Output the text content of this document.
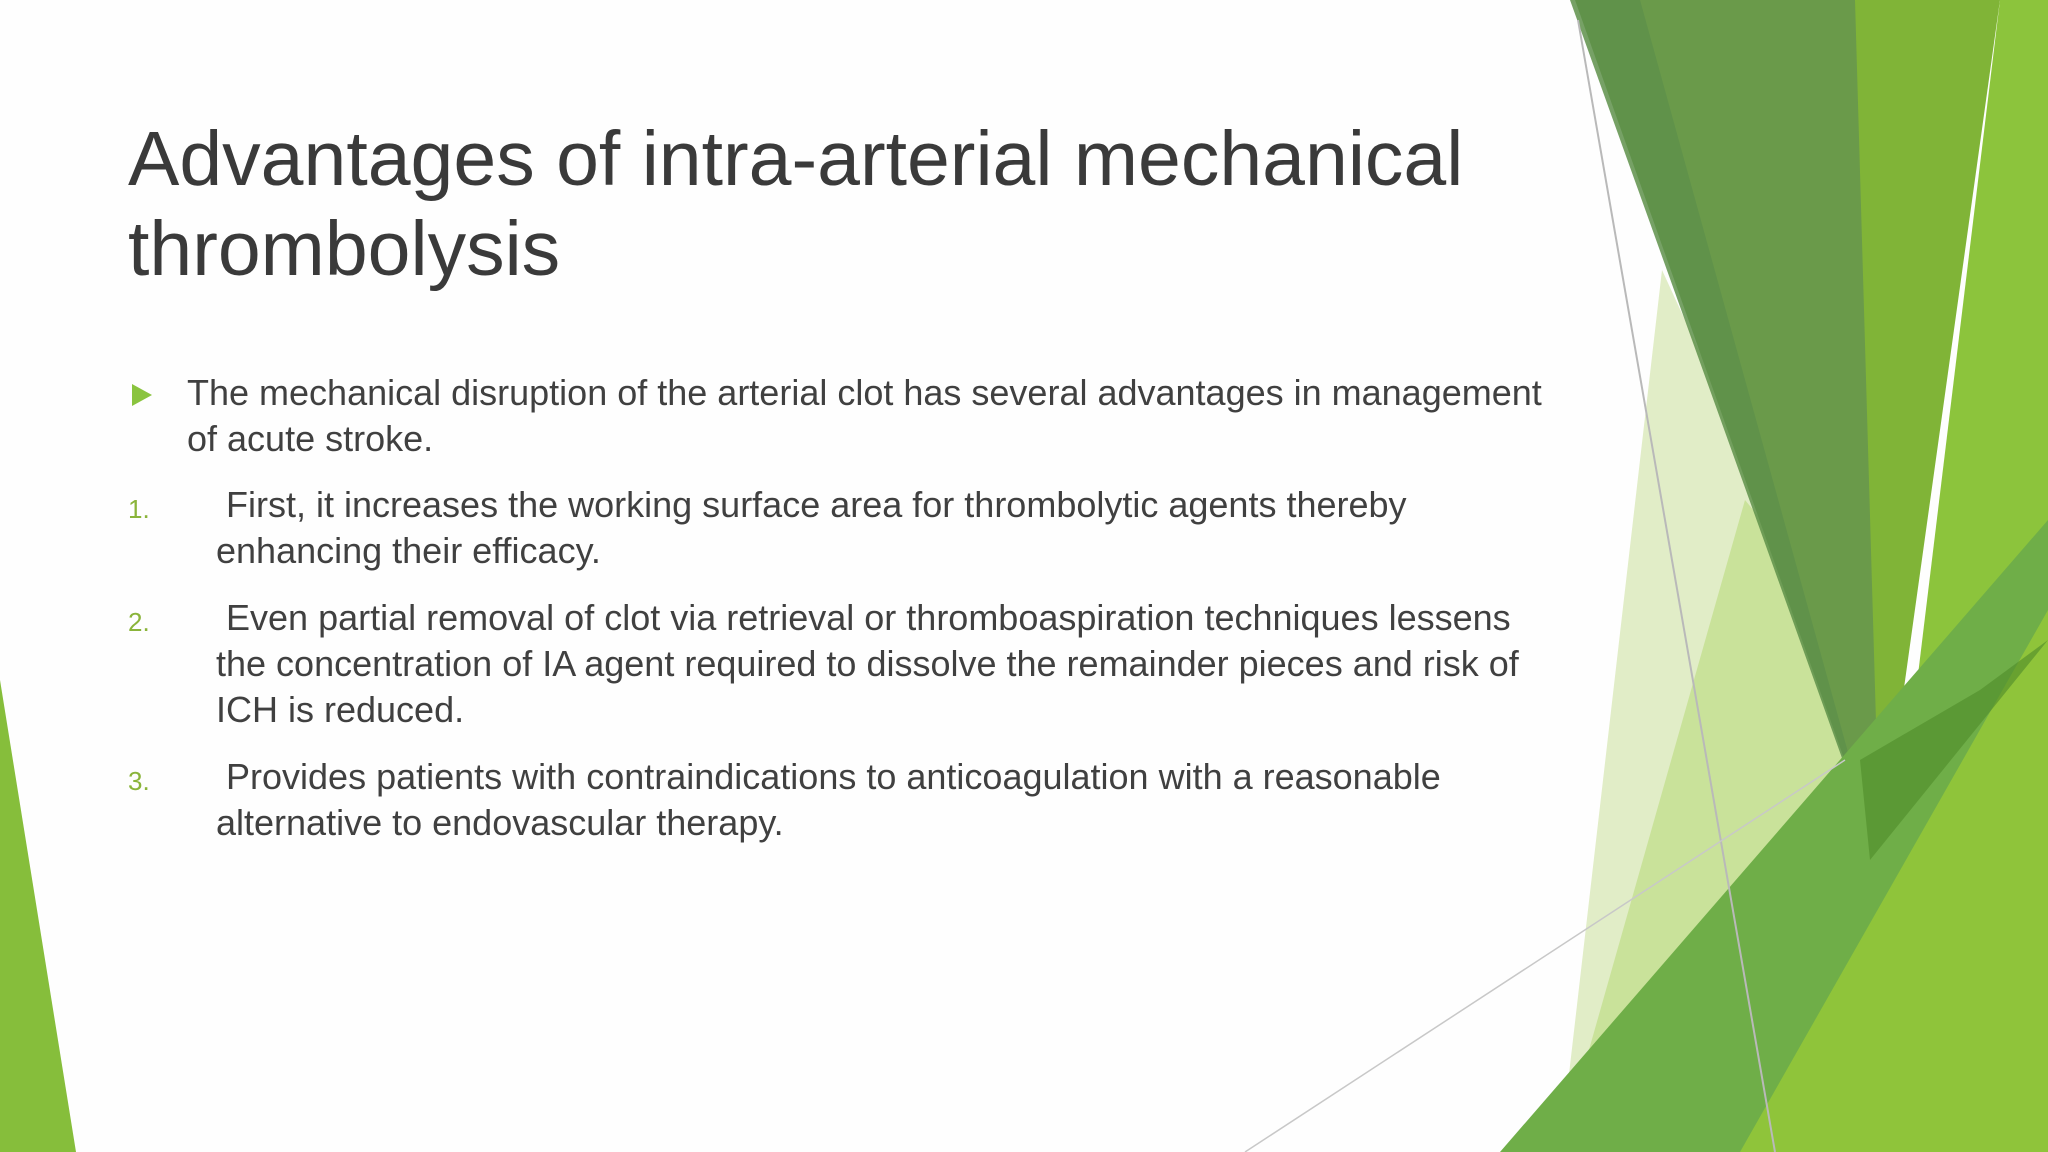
Advantages of intra-arterial mechanical thrombolysis

The mechanical disruption of the arterial clot has several advantages in management of acute stroke.

1. First, it increases the working surface area for thrombolytic agents thereby enhancing their efficacy.
2. Even partial removal of clot via retrieval or thromboaspiration techniques lessens the concentration of IA agent required to dissolve the remainder pieces and risk of ICH is reduced.
3. Provides patients with contraindications to anticoagulation with a reasonable alternative to endovascular therapy.
